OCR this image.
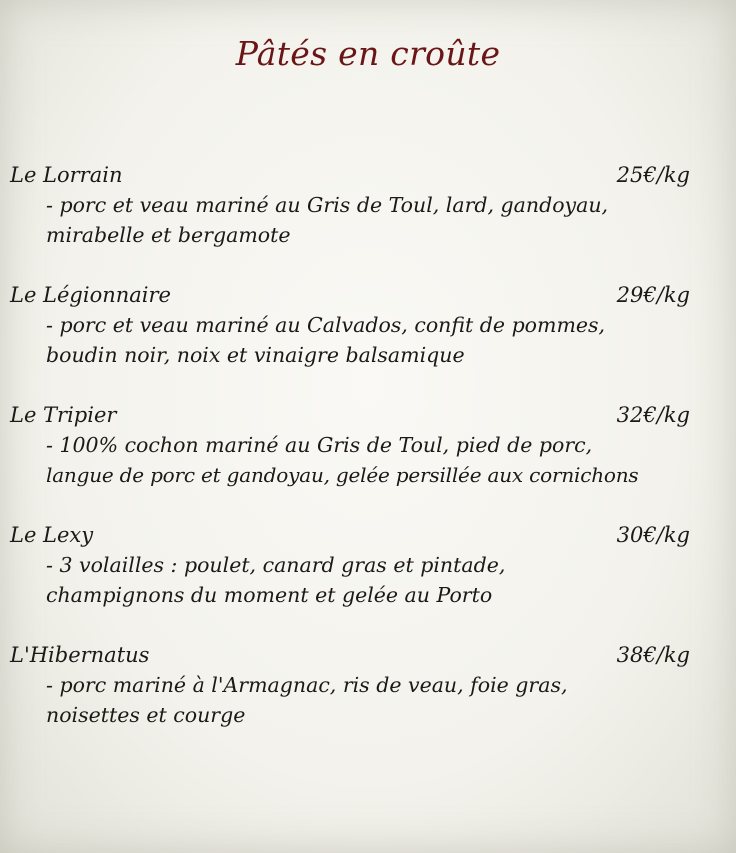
Pâtés en croûte
Le Lorrain	25€/kg
- porc et veau mariné au Gris de Toul, lard, gandoyau,
mirabelle et bergamote
Le Légionnaire	29€/kg
- porc et veau mariné au Calvados, confit de pommes,
boudin noir, noix et vinaigre balsamique
Le Tripier	32€/kg
- 100% cochon mariné au Gris de Toul, pied de porc,
langue de porc et gandoyau, gelée persillée aux cornichons
Le Lexy	30€/kg
- 3 volailles : poulet, canard gras et pintade,
champignons du moment et gelée au Porto
L'Hibernatus	38€/kg
- porc mariné à l'Armagnac, ris de veau, foie gras,
noisettes et courge
